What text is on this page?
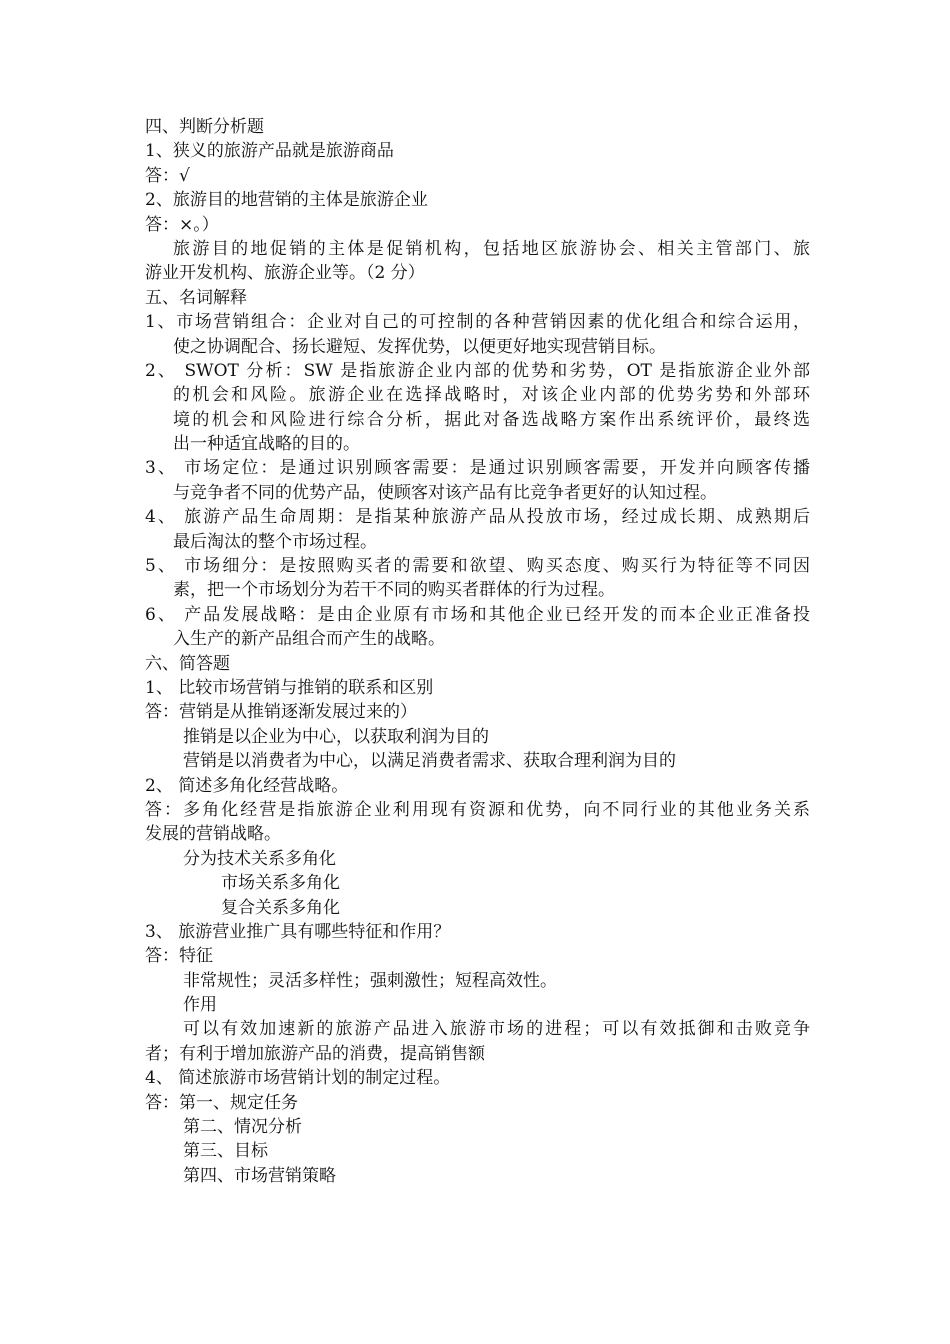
四、判断分析题
1、狭义的旅游产品就是旅游商品
答：√
2、旅游目的地营销的主体是旅游企业
答：×。）
旅游目的地促销的主体是促销机构，包括地区旅游协会、相关主管部门、旅
游业开发机构、旅游企业等。（2 分）
五、名词解释
1、市场营销组合：企业对自己的可控制的各种营销因素的优化组合和综合运用，
使之协调配合、扬长避短、发挥优势，以便更好地实现营销目标。
2、 SWOT 分析：SW 是指旅游企业内部的优势和劣势，OT 是指旅游企业外部
的机会和风险。旅游企业在选择战略时，对该企业内部的优势劣势和外部环
境的机会和风险进行综合分析，据此对备选战略方案作出系统评价，最终选
出一种适宜战略的目的。
3、 市场定位：是通过识别顾客需要：是通过识别顾客需要，开发并向顾客传播
与竞争者不同的优势产品，使顾客对该产品有比竞争者更好的认知过程。
4、 旅游产品生命周期：是指某种旅游产品从投放市场，经过成长期、成熟期后
最后淘汰的整个市场过程。
5、 市场细分：是按照购买者的需要和欲望、购买态度、购买行为特征等不同因
素，把一个市场划分为若干不同的购买者群体的行为过程。
6、 产品发展战略：是由企业原有市场和其他企业已经开发的而本企业正准备投
入生产的新产品组合而产生的战略。
六、简答题
1、 比较市场营销与推销的联系和区别
答：营销是从推销逐渐发展过来的）
推销是以企业为中心，以获取利润为目的
营销是以消费者为中心，以满足消费者需求、获取合理利润为目的
2、 简述多角化经营战略。
答：多角化经营是指旅游企业利用现有资源和优势，向不同行业的其他业务关系
发展的营销战略。
分为技术关系多角化
市场关系多角化
复合关系多角化
3、 旅游营业推广具有哪些特征和作用？
答：特征
非常规性；灵活多样性；强刺激性；短程高效性。
作用
可以有效加速新的旅游产品进入旅游市场的进程；可以有效抵御和击败竞争
者；有利于增加旅游产品的消费，提高销售额
4、 简述旅游市场营销计划的制定过程。
答：第一、规定任务
第二、情况分析
第三、目标
第四、市场营销策略
